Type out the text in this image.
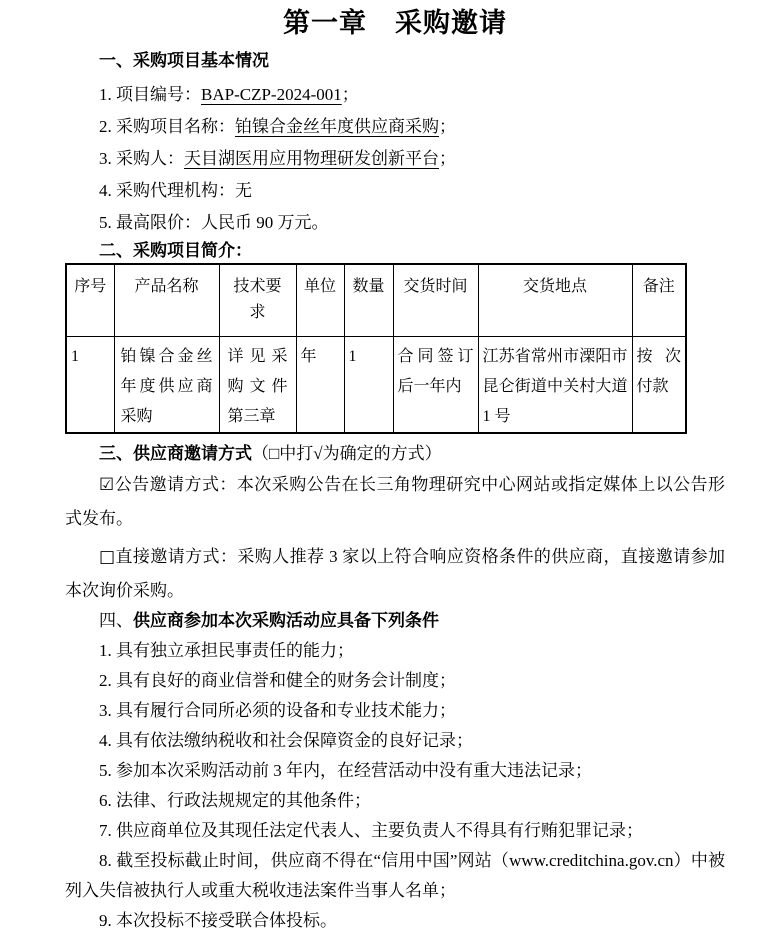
第一章　采购邀请
一、采购项目基本情况

1. 项目编号：BAP-CZP-2024-001；

2. 采购项目名称：铂镍合金丝年度供应商采购；

3. 采购人：天目湖医用应用物理研发创新平台；

4. 采购代理机构：无

5. 最高限价：人民币 90 万元。

二、采购项目简介：
序号	产品名称	技术要求	单位	数量	交货时间	交货地点	备注
1	铂镍合金丝年度供应商采购	详见采购文件第三章	年	1	合同签订后一年内	江苏省常州市溧阳市昆仑街道中关村大道 1 号	按次付款
三、供应商邀请方式（□中打√为确定的方式）

☑公告邀请方式：本次采购公告在长三角物理研究中心网站或指定媒体上以公告形式发布。

□直接邀请方式：采购人推荐 3 家以上符合响应资格条件的供应商，直接邀请参加本次询价采购。

四、供应商参加本次采购活动应具备下列条件

1. 具有独立承担民事责任的能力；

2. 具有良好的商业信誉和健全的财务会计制度；

3. 具有履行合同所必须的设备和专业技术能力；

4. 具有依法缴纳税收和社会保障资金的良好记录；

5. 参加本次采购活动前 3 年内，在经营活动中没有重大违法记录；

6. 法律、行政法规规定的其他条件；

7. 供应商单位及其现任法定代表人、主要负责人不得具有行贿犯罪记录；

8. 截至投标截止时间，供应商不得在“信用中国”网站（www.creditchina.gov.cn）中被列入失信被执行人或重大税收违法案件当事人名单；

9. 本次投标不接受联合体投标。
